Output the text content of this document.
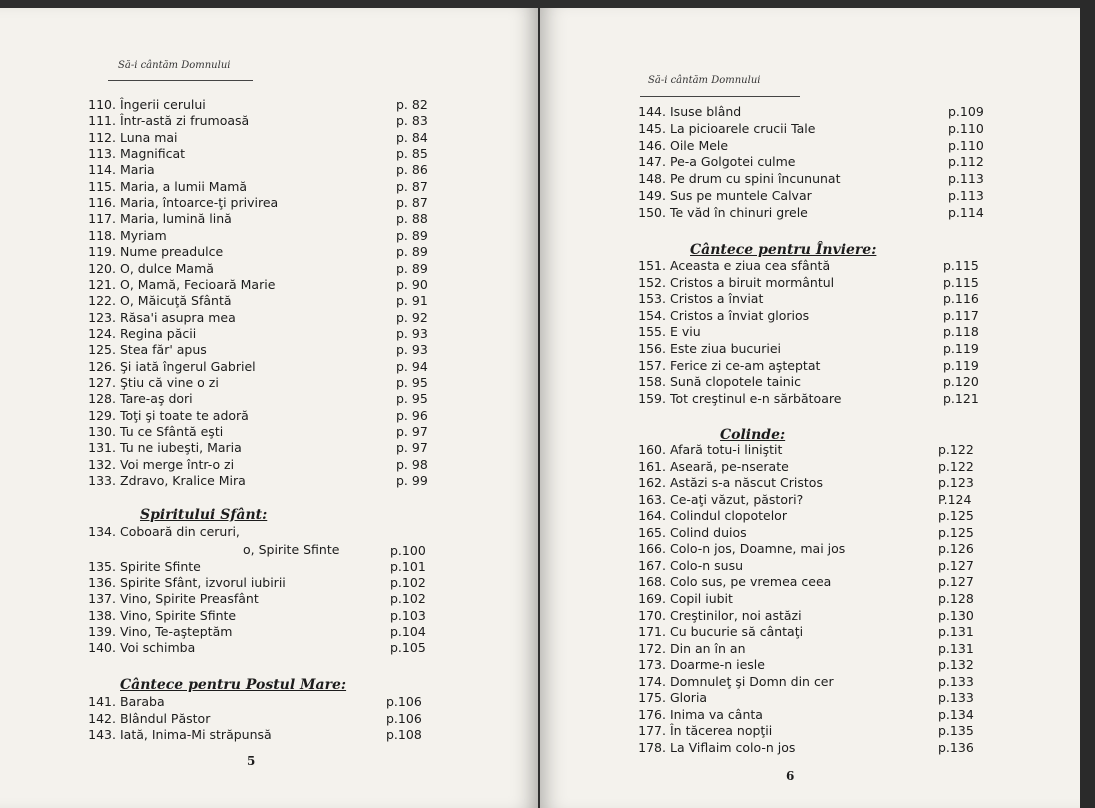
Să-i cântăm Domnului
110. Îngerii cerului	p. 82
111. Într-astă zi frumoasă	p. 83
112. Luna mai	p. 84
113. Magnificat	p. 85
114. Maria	p. 86
115. Maria, a lumii Mamă	p. 87
116. Maria, întoarce-ţi privirea	p. 87
117. Maria, lumină lină	p. 88
118. Myriam	p. 89
119. Nume preadulce	p. 89
120. O, dulce Mamă	p. 89
121. O, Mamă, Fecioară Marie	p. 90
122. O, Măicuţă Sfântă	p. 91
123. Răsa'i asupra mea	p. 92
124. Regina păcii	p. 93
125. Stea făr' apus	p. 93
126. Şi iată îngerul Gabriel	p. 94
127. Ştiu că vine o zi	p. 95
128. Tare-aş dori	p. 95
129. Toţi şi toate te adoră	p. 96
130. Tu ce Sfântă eşti	p. 97
131. Tu ne iubeşti, Maria	p. 97
132. Voi merge într-o zi	p. 98
133. Zdravo, Kralice Mira	p. 99
Spiritului Sfânt:
134. Coboară din ceruri,
o, Spirite Sfinte	p.100
135. Spirite Sfinte	p.101
136. Spirite Sfânt, izvorul iubirii	p.102
137. Vino, Spirite Preasfânt	p.102
138. Vino, Spirite Sfinte	p.103
139. Vino, Te-aşteptăm	p.104
140. Voi schimba	p.105
Cântece pentru Postul Mare:
141. Baraba	p.106
142. Blândul Păstor	p.106
143. Iată, Inima-Mi străpunsă	p.108
5
Să-i cântăm Domnului
144. Isuse blând	p.109
145. La picioarele crucii Tale	p.110
146. Oile Mele	p.110
147. Pe-a Golgotei culme	p.112
148. Pe drum cu spini încununat	p.113
149. Sus pe muntele Calvar	p.113
150. Te văd în chinuri grele	p.114
Cântece pentru Înviere:
151. Aceasta e ziua cea sfântă	p.115
152. Cristos a biruit mormântul	p.115
153. Cristos a înviat	p.116
154. Cristos a înviat glorios	p.117
155. E viu	p.118
156. Este ziua bucuriei	p.119
157. Ferice zi ce-am aşteptat	p.119
158. Sună clopotele tainic	p.120
159. Tot creştinul e-n sărbătoare	p.121
Colinde:
160. Afară totu-i liniştit	p.122
161. Aseară, pe-nserate	p.122
162. Astăzi s-a născut Cristos	p.123
163. Ce-aţi văzut, păstori?	P.124
164. Colindul clopotelor	p.125
165. Colind duios	p.125
166. Colo-n jos, Doamne, mai jos	p.126
167. Colo-n susu	p.127
168. Colo sus, pe vremea ceea	p.127
169. Copil iubit	p.128
170. Creştinilor, noi astăzi	p.130
171. Cu bucurie să cântaţi	p.131
172. Din an în an	p.131
173. Doarme-n iesle	p.132
174. Domnuleţ şi Domn din cer	p.133
175. Gloria	p.133
176. Inima va cânta	p.134
177. În tăcerea nopţii	p.135
178. La Viflaim colo-n jos	p.136
6
